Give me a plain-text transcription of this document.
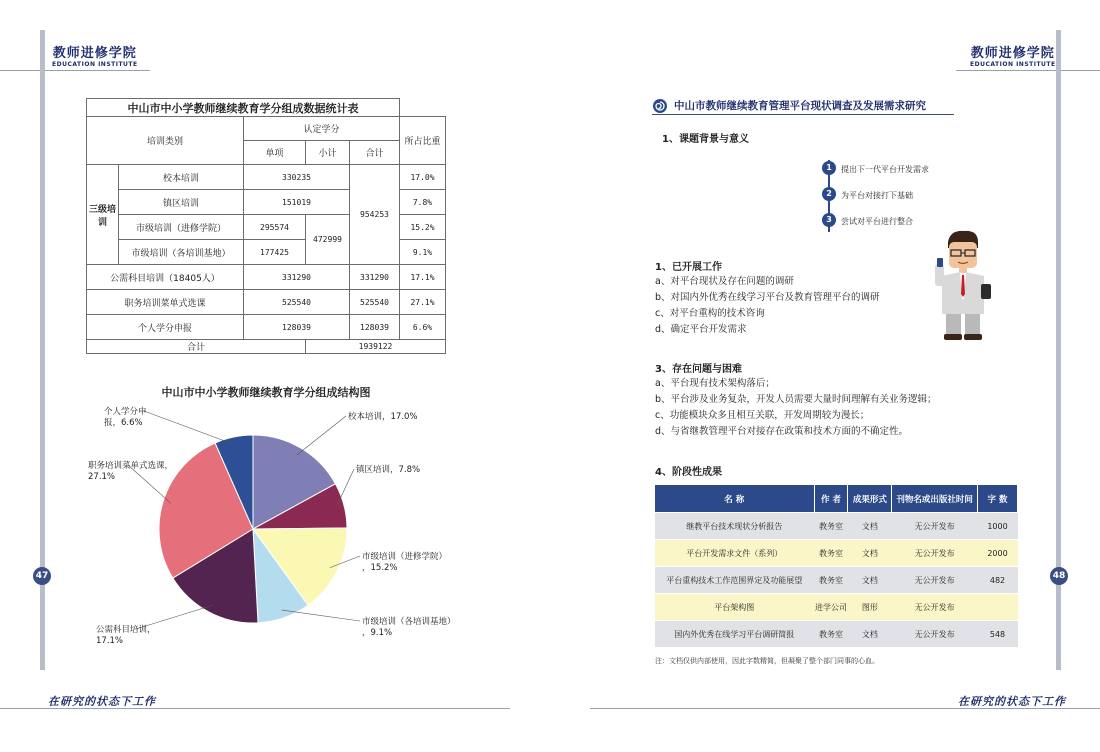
教师进修学院
EDUCATION INSTITUTE
教师进修学院
EDUCATION INSTITUTE
47	48
在研究的状态下工作	在研究的状态下工作
中山市中小学教师继续教育学分组成数据统计表					
培训类别		认定学分			所占比重
		单项	小计	合计	
三级培训	校本培训	330235		954253	17.0%
	镇区培训	151019			7.8%
	市级培训（进修学院）	295574	472999		15.2%
	市级培训（各培训基地）	177425			9.1%
公需科目培训（18405人）		331290		331290	17.1%
职务培训菜单式选课		525540		525540	27.1%
个人学分申报		128039		128039	6.6%
合计			1939122		
中山市中小学教师继续教育学分组成结构图
校本培训，17.0%
镇区培训，7.8%
市级培训（进修学院），15.2%
市级培训（各培训基地），9.1%
公需科目培训， 17.1%
职务培训菜单式选课， 27.1%
个人学分申报，6.6%
中山市教师继续教育管理平台现状调查及发展需求研究
1、课题背景与意义
1	提出下一代平台开发需求
2	为平台对接打下基础
3	尝试对平台进行整合
1、已开展工作
a、对平台现状及存在问题的调研
b、对国内外优秀在线学习平台及教育管理平台的调研
c、对平台重构的技术咨询
d、确定平台开发需求
3、存在问题与困难
a、平台现有技术架构落后；
b、平台涉及业务复杂，开发人员需要大量时间理解有关业务逻辑；
c、功能模块众多且相互关联，开发周期较为漫长；
d、与省继教管理平台对接存在政策和技术方面的不确定性。
4、阶段性成果
名 称	作 者	成果形式	刊物名或出版社时间	字 数
继教平台技术现状分析报告	教务室	文档	无公开发布	1000
平台开发需求文件（系列）	教务室	文档	无公开发布	2000
平台重构技术工作范围界定及功能展望	教务室	文档	无公开发布	482
平台架构图	进学公司	图形	无公开发布	
国内外优秀在线学习平台调研简报	教务室	文档	无公开发布	548
注：文档仅供内部使用，因此字数精简，但凝聚了整个部门同事的心血。
